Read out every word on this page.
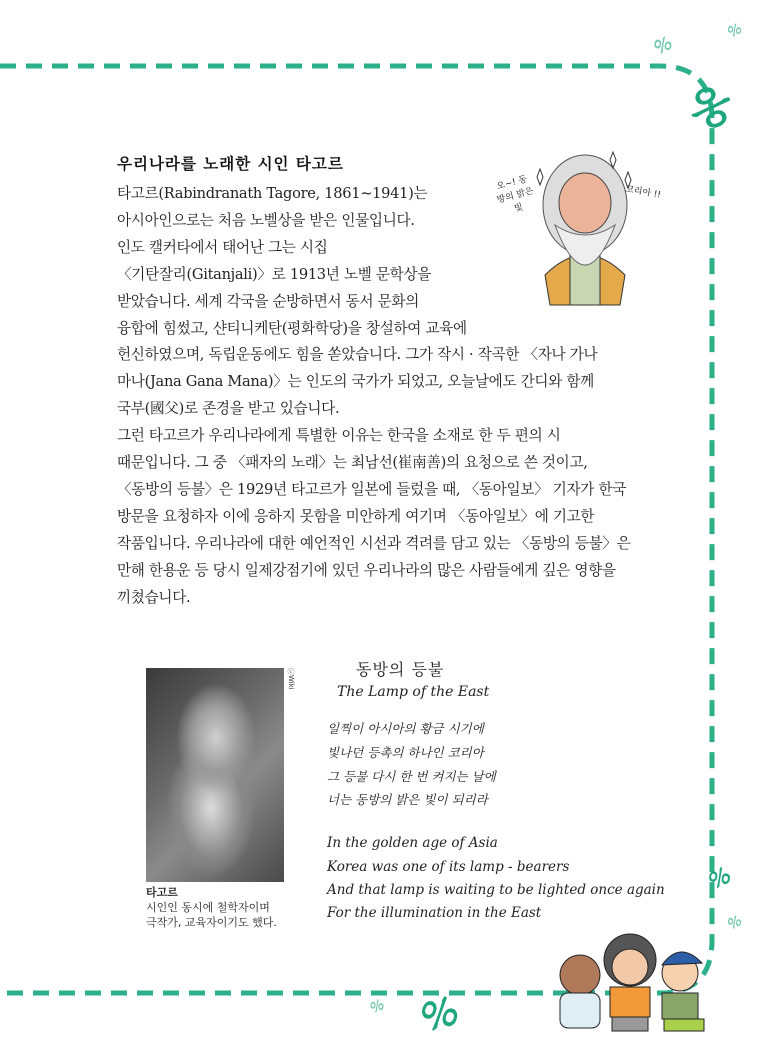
응
응
응
응
응
응
응
우리나라를 노래한 시인 타고르
타고르(Rabindranath Tagore, 1861~1941)는
아시아인으로는 처음 노벨상을 받은 인물입니다.
인도 캘커타에서 태어난 그는 시집
〈기탄잘리(Gitanjali)〉로 1913년 노벨 문학상을
받았습니다. 세계 각국을 순방하면서 동서 문화의
융합에 힘썼고, 샨티니케탄(평화학당)을 창설하여 교육에
헌신하였으며, 독립운동에도 힘을 쏟았습니다. 그가 작시 · 작곡한 〈자나 가나
마나(Jana Gana Mana)〉는 인도의 국가가 되었고, 오늘날에도 간디와 함께
국부(國父)로 존경을 받고 있습니다.
그런 타고르가 우리나라에게 특별한 이유는 한국을 소재로 한 두 편의 시
때문입니다. 그 중 〈패자의 노래〉는 최남선(崔南善)의 요청으로 쓴 것이고,
〈동방의 등불〉은 1929년 타고르가 일본에 들렀을 때, 〈동아일보〉 기자가 한국
방문을 요청하자 이에 응하지 못함을 미안하게 여기며 〈동아일보〉에 기고한
작품입니다. 우리나라에 대한 예언적인 시선과 격려를 담고 있는 〈동방의 등불〉은
만해 한용운 등 당시 일제강점기에 있던 우리나라의 많은 사람들에게 깊은 영향을
끼쳤습니다.
오~! 동방의 밝은 빛
코리아 !!
ⓒWiki
타고르
시인인 동시에 철학자이며
극작가, 교육자이기도 했다.
동방의 등불
The Lamp of the East
일찍이 아시아의 황금 시기에
빛나던 등촉의 하나인 코리아
그 등불 다시 한 번 켜지는 날에
너는 동방의 밝은 빛이 되리라
In the golden age of Asia
Korea was one of its lamp - bearers
And that lamp is waiting to be lighted once again
For the illumination in the East
